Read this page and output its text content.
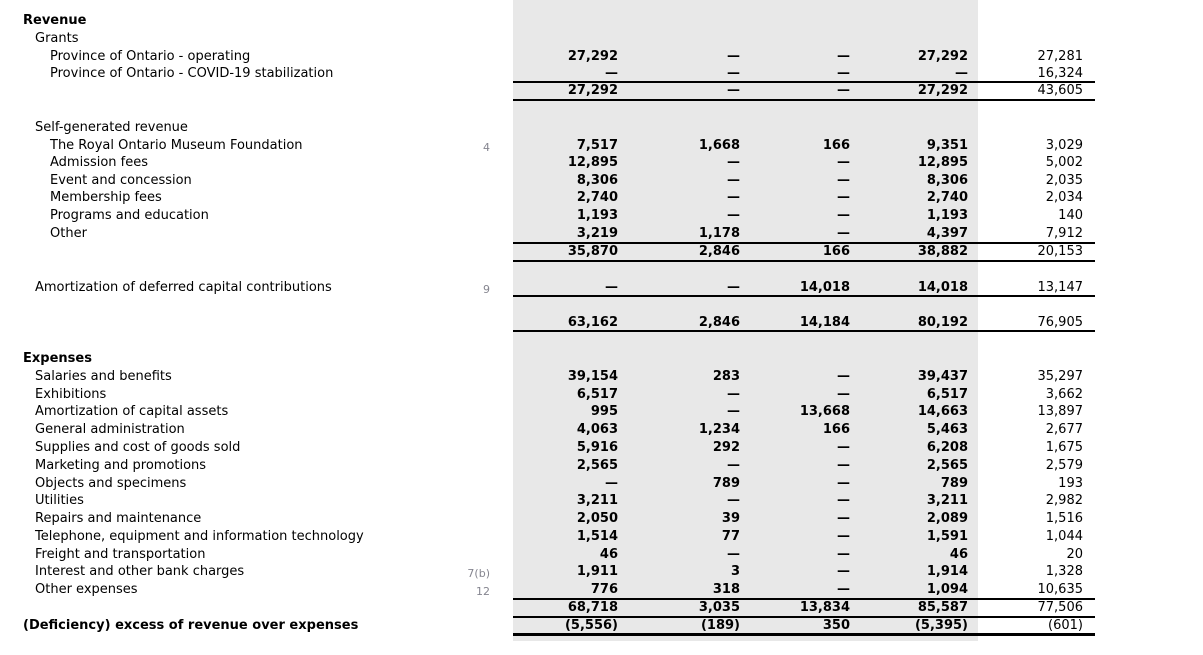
Revenue
Grants
Province of Ontario - operating	27,292	—	—	27,292	27,281
Province of Ontario - COVID-19 stabilization	—	—	—	—	16,324
27,292	—	—	27,292	43,605
Self-generated revenue
The Royal Ontario Museum Foundation	4	7,517	1,668	166	9,351	3,029
Admission fees	12,895	—	—	12,895	5,002
Event and concession	8,306	—	—	8,306	2,035
Membership fees	2,740	—	—	2,740	2,034
Programs and education	1,193	—	—	1,193	140
Other	3,219	1,178	—	4,397	7,912
35,870	2,846	166	38,882	20,153
Amortization of deferred capital contributions	9	—	—	14,018	14,018	13,147
63,162	2,846	14,184	80,192	76,905
Expenses
Salaries and benefits	39,154	283	—	39,437	35,297
Exhibitions	6,517	—	—	6,517	3,662
Amortization of capital assets	995	—	13,668	14,663	13,897
General administration	4,063	1,234	166	5,463	2,677
Supplies and cost of goods sold	5,916	292	—	6,208	1,675
Marketing and promotions	2,565	—	—	2,565	2,579
Objects and specimens	—	789	—	789	193
Utilities	3,211	—	—	3,211	2,982
Repairs and maintenance	2,050	39	—	2,089	1,516
Telephone, equipment and information technology	1,514	77	—	1,591	1,044
Freight and transportation	46	—	—	46	20
Interest and other bank charges	7(b)	1,911	3	—	1,914	1,328
Other expenses	12	776	318	—	1,094	10,635
68,718	3,035	13,834	85,587	77,506
(Deficiency) excess of revenue over expenses	(5,556)	(189)	350	(5,395)	(601)
